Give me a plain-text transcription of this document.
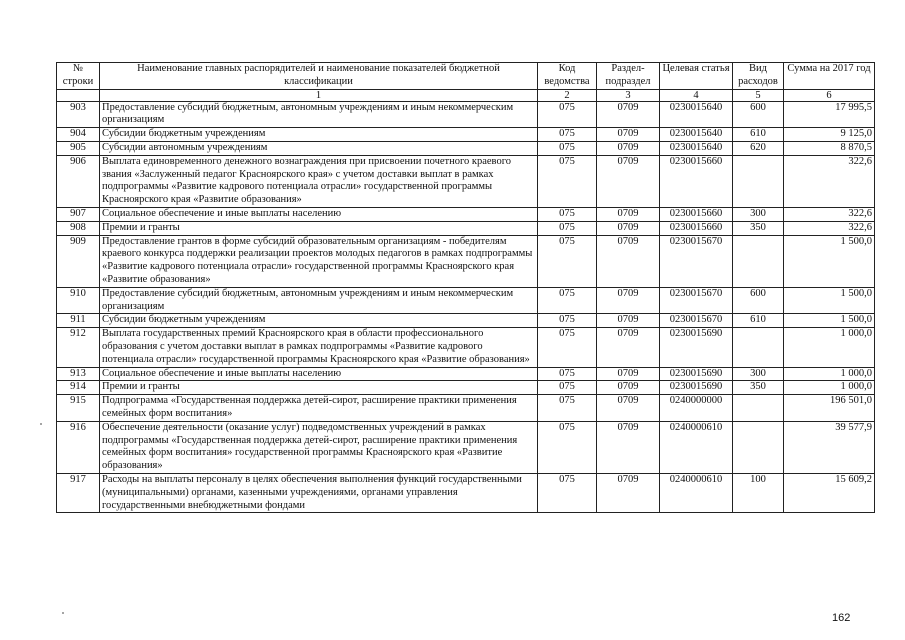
№ строки	Наименование главных распорядителей и наименование показателей бюджетной классификации	Код ведомства	Раздел-подраздел	Целевая статья	Вид расходов	Сумма на 2017 год
	1	2	3	4	5	6
903	Предоставление субсидий бюджетным, автономным учреждениям и иным некоммерческим организациям	075	0709	0230015640	600	17 995,5
904	Субсидии бюджетным учреждениям	075	0709	0230015640	610	9 125,0
905	Субсидии автономным учреждениям	075	0709	0230015640	620	8 870,5
906	Выплата единовременного денежного вознаграждения при присвоении почетного краевого звания «Заслуженный педагог Красноярского края» с учетом доставки выплат в рамках подпрограммы «Развитие кадрового потенциала отрасли» государственной программы Красноярского края «Развитие образования»	075	0709	0230015660		322,6
907	Социальное обеспечение и иные выплаты населению	075	0709	0230015660	300	322,6
908	Премии и гранты	075	0709	0230015660	350	322,6
909	Предоставление грантов в форме субсидий образовательным организациям - победителям краевого конкурса поддержки реализации проектов молодых педагогов в рамках подпрограммы «Развитие кадрового потенциала отрасли» государственной программы Красноярского края «Развитие образования»	075	0709	0230015670		1 500,0
910	Предоставление субсидий бюджетным, автономным учреждениям и иным некоммерческим организациям	075	0709	0230015670	600	1 500,0
911	Субсидии бюджетным учреждениям	075	0709	0230015670	610	1 500,0
912	Выплата государственных премий Красноярского края в области профессионального образования с учетом доставки выплат в рамках подпрограммы «Развитие кадрового потенциала отрасли» государственной программы Красноярского края «Развитие образования»	075	0709	0230015690		1 000,0
913	Социальное обеспечение и иные выплаты населению	075	0709	0230015690	300	1 000,0
914	Премии и гранты	075	0709	0230015690	350	1 000,0
915	Подпрограмма «Государственная поддержка детей-сирот, расширение практики применения семейных форм воспитания»	075	0709	0240000000		196 501,0
916	Обеспечение деятельности (оказание услуг) подведомственных учреждений в рамках подпрограммы «Государственная поддержка детей-сирот, расширение практики применения семейных форм воспитания» государственной программы Красноярского края «Развитие образования»	075	0709	0240000610		39 577,9
917	Расходы на выплаты персоналу в целях обеспечения выполнения функций государственными (муниципальными) органами, казенными учреждениями, органами управления государственными внебюджетными фондами	075	0709	0240000610	100	15 609,2
162
